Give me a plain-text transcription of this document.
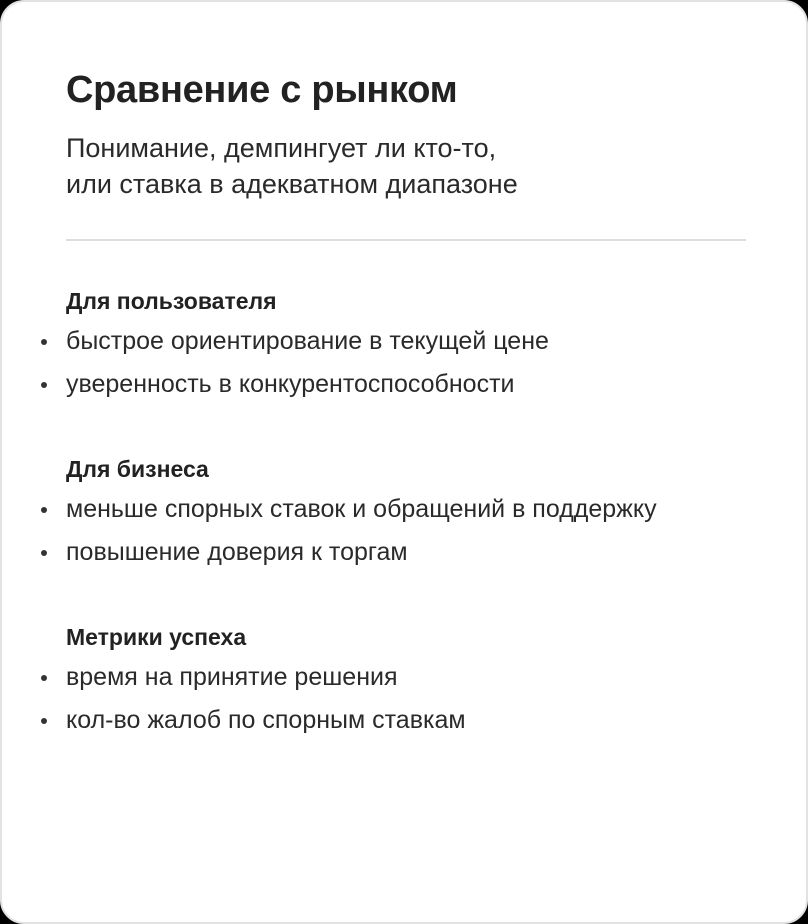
Сравнение с рынком

Понимание, демпингует ли кто-то,
или ставка в адекватном диапазоне

Для пользователя
быстрое ориентирование в текущей цене
уверенность в конкурентоспособности
Для бизнеса
меньше спорных ставок и обращений в поддержку
повышение доверия к торгам
Метрики успеха
время на принятие решения
кол-во жалоб по спорным ставкам
